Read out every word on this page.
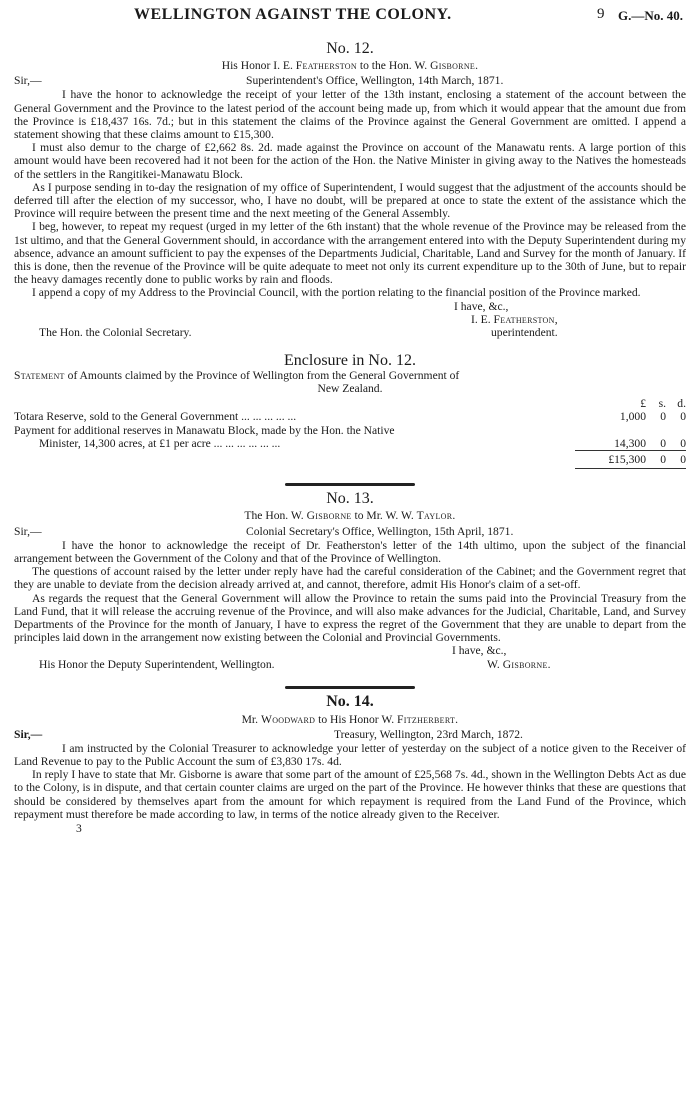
WELLINGTON AGAINST THE COLONY.	9 G.—No. 40.
No. 12.
His Honor I. E. Featherston to the Hon. W. Gisborne.
Sir,—	Superintendent's Office, Wellington, 14th March, 1871.

I have the honor to acknowledge the receipt of your letter of the 13th instant, enclosing a statement of the account between the General Government and the Province to the latest period of the account being made up, from which it would appear that the amount due from the Province is £18,437 16s. 7d.; but in this statement the claims of the Province against the General Government are omitted. I append a statement showing that these claims amount to £15,300.

I must also demur to the charge of £2,662 8s. 2d. made against the Province on account of the Manawatu rents. A large portion of this amount would have been recovered had it not been for the action of the Hon. the Native Minister in giving away to the Natives the homesteads of the settlers in the Rangitikei-Manawatu Block.

As I purpose sending in to-day the resignation of my office of Superintendent, I would suggest that the adjustment of the accounts should be deferred till after the election of my successor, who, I have no doubt, will be prepared at once to state the extent of the assistance which the Province will require between the present time and the next meeting of the General Assembly.

I beg, however, to repeat my request (urged in my letter of the 6th instant) that the whole revenue of the Province may be released from the 1st ultimo, and that the General Government should, in accordance with the arrangement entered into with the Deputy Superintendent during my absence, advance an amount sufficient to pay the expenses of the Departments Judicial, Charitable, Land and Survey for the month of January. If this is done, then the revenue of the Province will be quite adequate to meet not only its current expenditure up to the 30th of June, but to repair the heavy damages recently done to public works by rain and floods.

I append a copy of my Address to the Provincial Council, with the portion relating to the financial position of the Province marked.

I have, &c.,
I. E. Featherston,
uperintendent.
The Hon. the Colonial Secretary.
Enclosure in No. 12.
Statement of Amounts claimed by the Province of Wellington from the General Government of
New Zealand.
	£ s. d.
Totara Reserve, sold to the General Government ... ... ... ... ...	1,000 0 0
Payment for additional reserves in Manawatu Block, made by the Hon. the Native	
Minister, 14,300 acres, at £1 per acre ... ... ... ... ... ...	14,300 0 0

	£15,300 0 0
No. 13.
The Hon. W. Gisborne to Mr. W. W. Taylor.
Sir,—	Colonial Secretary's Office, Wellington, 15th April, 1871.

I have the honor to acknowledge the receipt of Dr. Featherston's letter of the 14th ultimo, upon the subject of the financial arrangement between the Government of the Colony and that of the Province of Wellington.

The questions of account raised by the letter under reply have had the careful consideration of the Cabinet; and the Government regret that they are unable to deviate from the decision already arrived at, and cannot, therefore, admit His Honor's claim of a set-off.

As regards the request that the General Government will allow the Province to retain the sums paid into the Provincial Treasury from the Land Fund, that it will release the accruing revenue of the Province, and will also make advances for the Judicial, Charitable, Land, and Survey Departments of the Province for the month of January, I have to express the regret of the Government that they are unable to depart from the principles laid down in the arrangement now existing between the Colonial and Provincial Governments.

I have, &c.,
W. Gisborne.
His Honor the Deputy Superintendent, Wellington.
No. 14.
Mr. Woodward to His Honor W. Fitzherbert.
Sir,—	Treasury, Wellington, 23rd March, 1872.

I am instructed by the Colonial Treasurer to acknowledge your letter of yesterday on the subject of a notice given to the Receiver of Land Revenue to pay to the Public Account the sum of £3,830 17s. 4d.

In reply I have to state that Mr. Gisborne is aware that some part of the amount of £25,568 7s. 4d., shown in the Wellington Debts Act as due to the Colony, is in dispute, and that certain counter claims are urged on the part of the Province. He however thinks that these are questions that should be considered by themselves apart from the amount for which repayment is required from the Land Fund of the Province, which repayment must therefore be made according to law, in terms of the notice already given to the Receiver.

3
